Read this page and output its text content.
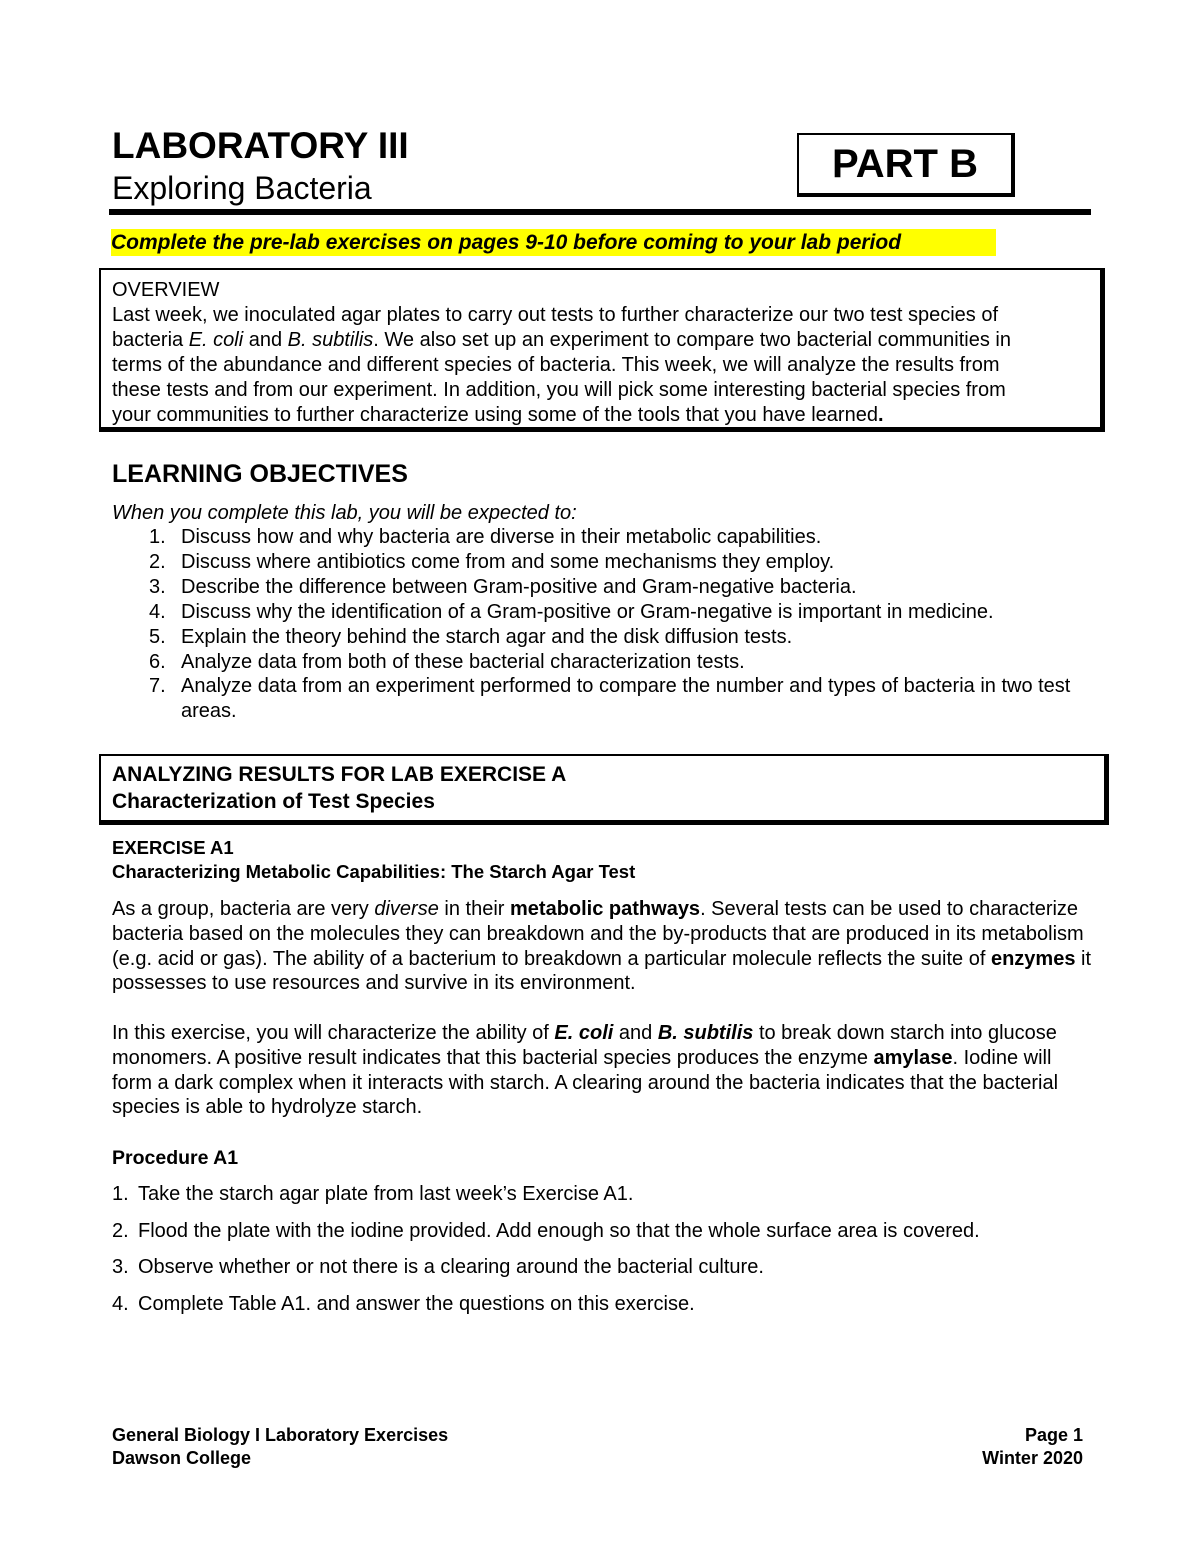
LABORATORY III
Exploring Bacteria
PART B
Complete the pre-lab exercises on pages 9-10 before coming to your lab period
OVERVIEW
Last week, we inoculated agar plates to carry out tests to further characterize our two test species of
bacteria E. coli and B. subtilis. We also set up an experiment to compare two bacterial communities in
terms of the abundance and different species of bacteria. This week, we will analyze the results from
these tests and from our experiment. In addition, you will pick some interesting bacterial species from
your communities to further characterize using some of the tools that you have learned.
LEARNING OBJECTIVES
When you complete this lab, you will be expected to:
1. Discuss how and why bacteria are diverse in their metabolic capabilities.
2. Discuss where antibiotics come from and some mechanisms they employ.
3. Describe the difference between Gram-positive and Gram-negative bacteria.
4. Discuss why the identification of a Gram-positive or Gram-negative is important in medicine.
5. Explain the theory behind the starch agar and the disk diffusion tests.
6. Analyze data from both of these bacterial characterization tests.
7. Analyze data from an experiment performed to compare the number and types of bacteria in two test areas.
ANALYZING RESULTS FOR LAB EXERCISE A
Characterization of Test Species
EXERCISE A1
Characterizing Metabolic Capabilities: The Starch Agar Test
As a group, bacteria are very diverse in their metabolic pathways. Several tests can be used to characterize bacteria based on the molecules they can breakdown and the by-products that are produced in its metabolism (e.g. acid or gas). The ability of a bacterium to breakdown a particular molecule reflects the suite of enzymes it possesses to use resources and survive in its environment.
In this exercise, you will characterize the ability of E. coli and B. subtilis to break down starch into glucose monomers. A positive result indicates that this bacterial species produces the enzyme amylase. Iodine will form a dark complex when it interacts with starch. A clearing around the bacteria indicates that the bacterial species is able to hydrolyze starch.
Procedure A1
1. Take the starch agar plate from last week’s Exercise A1.
2. Flood the plate with the iodine provided. Add enough so that the whole surface area is covered.
3. Observe whether or not there is a clearing around the bacterial culture.
4. Complete Table A1. and answer the questions on this exercise.
General Biology I Laboratory Exercises
Dawson College
Page 1
Winter 2020
